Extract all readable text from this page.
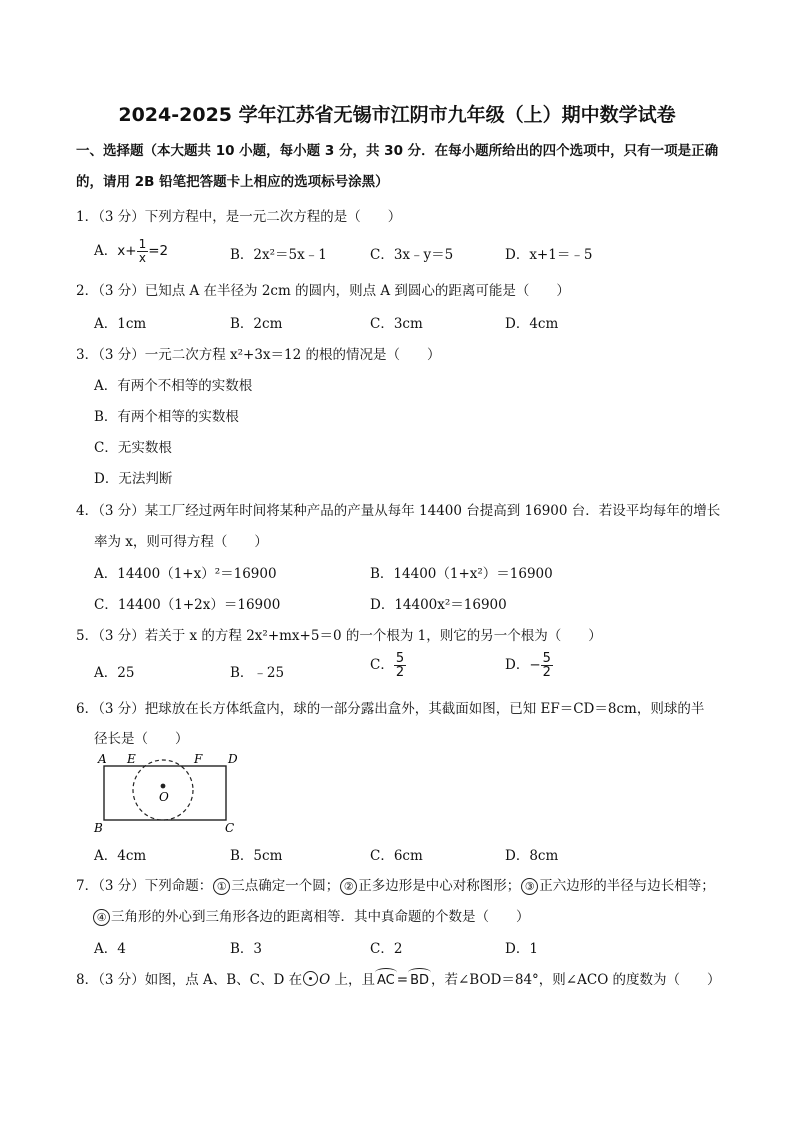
2024-2025 学年江苏省无锡市江阴市九年级（上）期中数学试卷
一、选择题（本大题共 10 小题，每小题 3 分，共 30 分．在每小题所给出的四个选项中，只有一项是正确
的，请用 2B 铅笔把答题卡上相应的选项标号涂黑）
1．（3 分）下列方程中，是一元二次方程的是（　　）
A．$x+ \frac{1}{x} =2$	B．2x²＝5x﹣1	C．3x﹣y＝5	D．x+1＝﹣5
2．（3 分）已知点 A 在半径为 2cm 的圆内，则点 A 到圆心的距离可能是（　　）
A．1cm	B．2cm	C．3cm	D．4cm
3．（3 分）一元二次方程 x²+3x＝12 的根的情况是（　　）
A．有两个不相等的实数根
B．有两个相等的实数根
C．无实数根
D．无法判断
4．（3 分）某工厂经过两年时间将某种产品的产量从每年 14400 台提高到 16900 台．若设平均每年的增长
率为 x，则可得方程（　　）
A．14400（1+x）²＝16900	B．14400（1+x²）＝16900
C．14400（1+2x）＝16900	D．14400x²＝16900
5．（3 分）若关于 x 的方程 2x²+mx+5＝0 的一个根为 1，则它的另一个根为（　　）
A．25	B．﹣25	C． $\frac{5}{2}$	D．− $\frac{5}{2}$
6．（3 分）把球放在长方体纸盒内，球的一部分露出盒外，其截面如图，已知 EF＝CD＝8cm，则球的半
径长是（　　）
A E	F D
O
B	C
A．4cm	B．5cm	C．6cm	D．8cm
7．（3 分）下列命题： ① 三点确定一个圆； ② 正多边形是中心对称图形； ③ 正六边形的半径与边长相等；
④ 三角形的外心到三角形各边的距离相等．其中真命题的个数是（　　）
A．4	B．3	C．2	D．1
8．（3 分）如图，点 A、B、C、D 在 O 上，且 AC = BD ，若∠BOD＝84°，则∠ACO 的度数为（　　）
